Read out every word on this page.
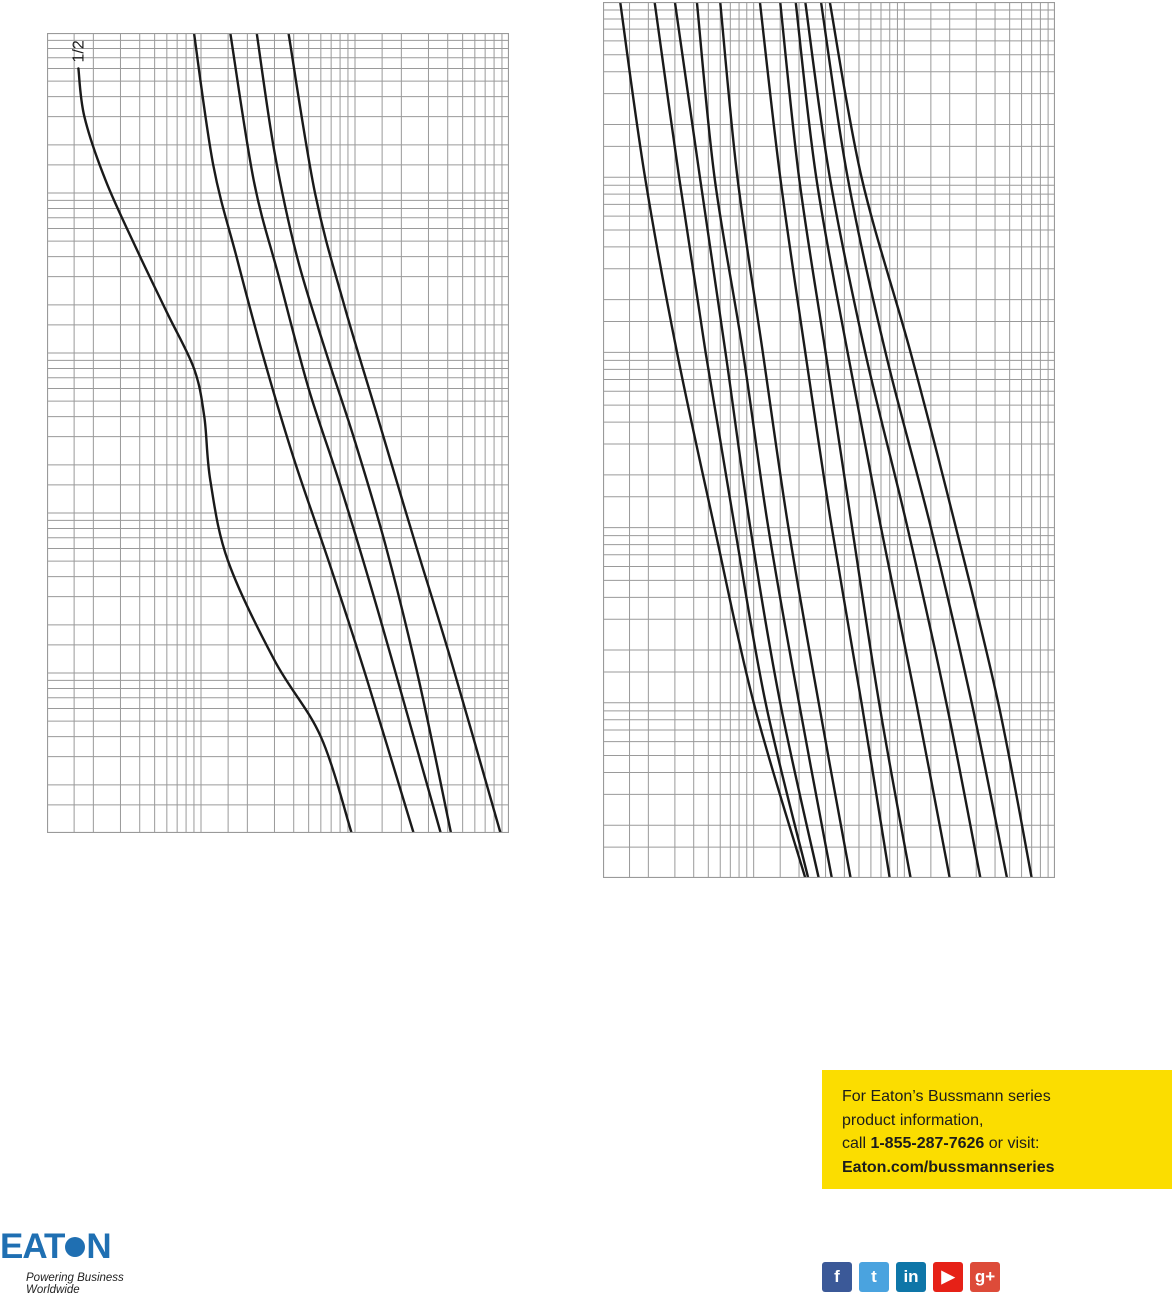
1/2
For Eaton’s Bussmann series
product information,
call 1-855-287-7626 or visit:
Eaton.com/bussmannseries
EAT N
Powering Business Worldwide
f	t	in	▶	g+
